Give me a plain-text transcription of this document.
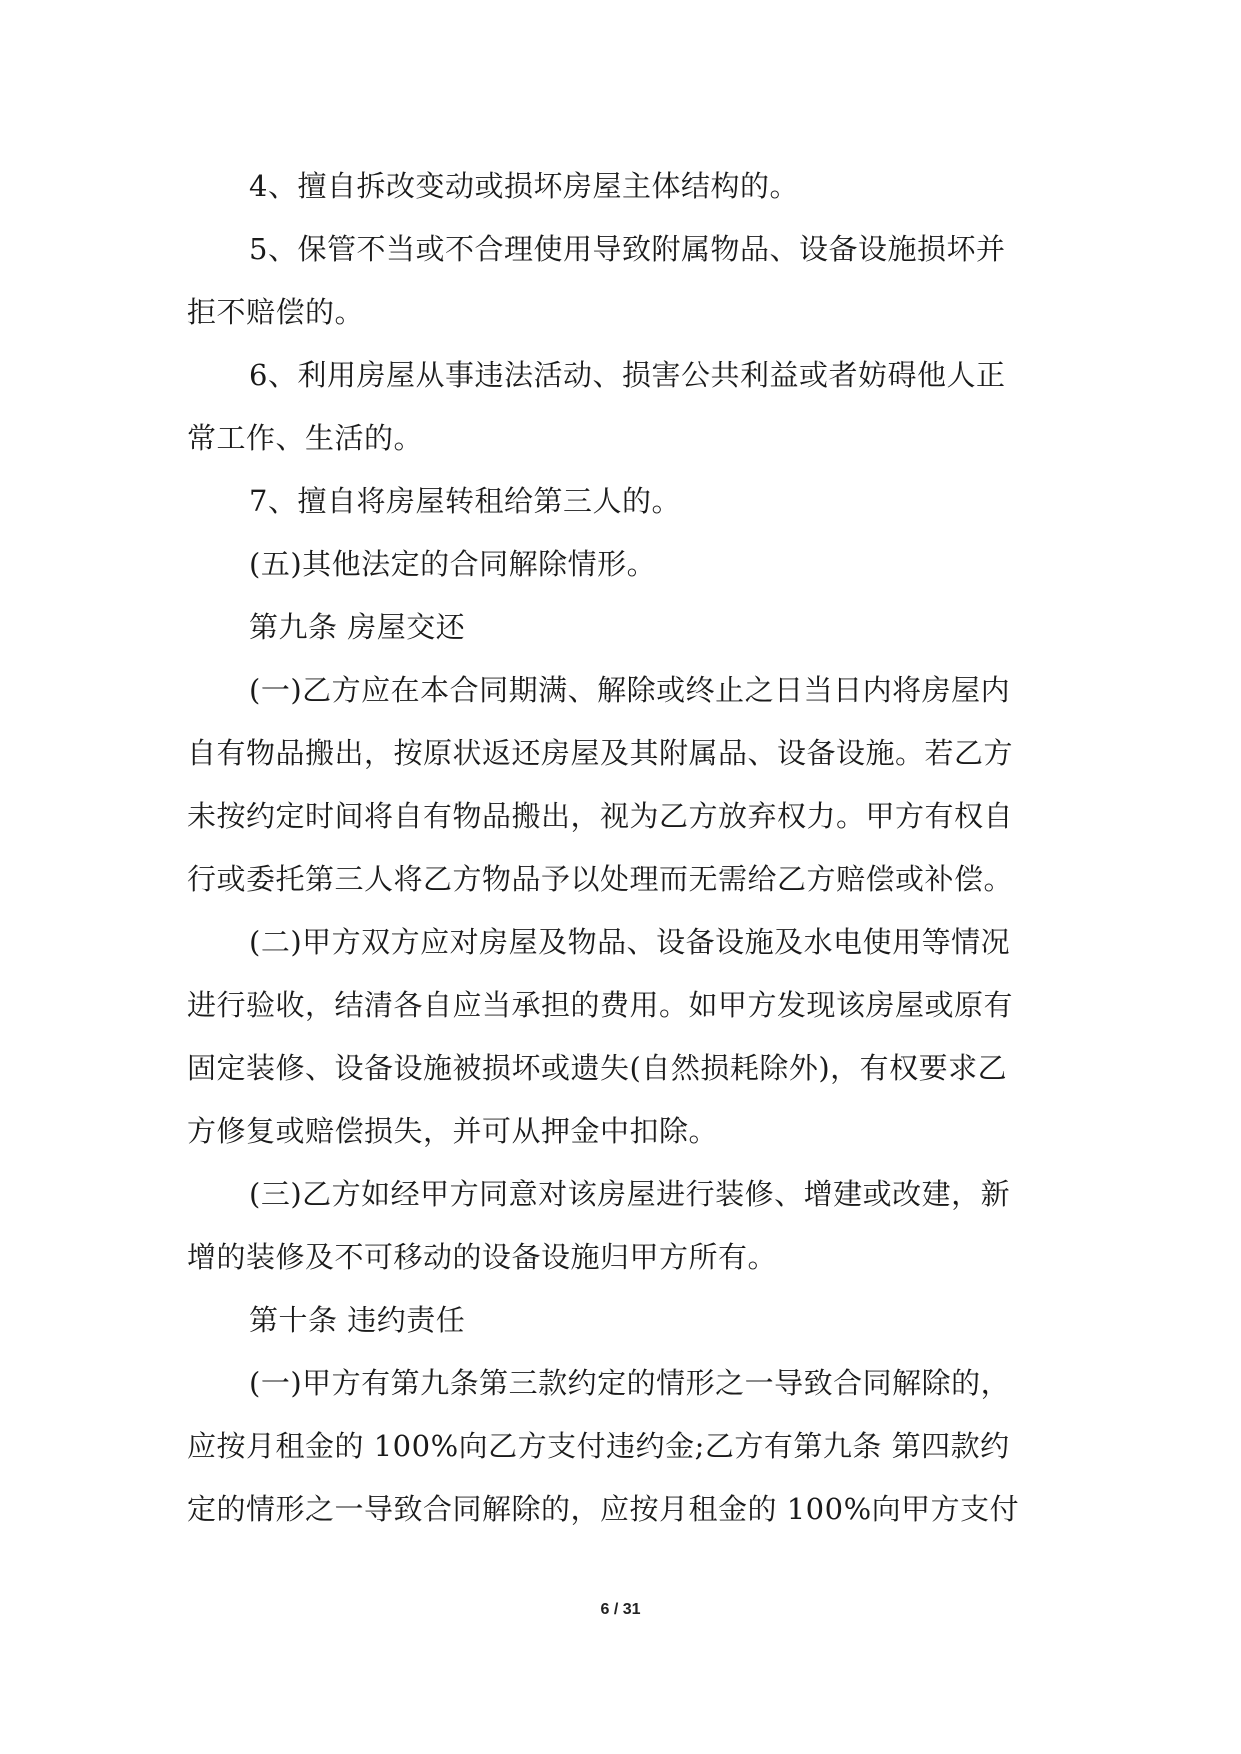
4、擅自拆改变动或损坏房屋主体结构的。
5、保管不当或不合理使用导致附属物品、设备设施损坏并
拒不赔偿的。
6、利用房屋从事违法活动、损害公共利益或者妨碍他人正
常工作、生活的。
7、擅自将房屋转租给第三人的。
(五)其他法定的合同解除情形。
第九条 房屋交还
(一)乙方应在本合同期满、解除或终止之日当日内将房屋内
自有物品搬出，按原状返还房屋及其附属品、设备设施。若乙方
未按约定时间将自有物品搬出，视为乙方放弃权力。甲方有权自
行或委托第三人将乙方物品予以处理而无需给乙方赔偿或补偿。
(二)甲方双方应对房屋及物品、设备设施及水电使用等情况
进行验收，结清各自应当承担的费用。如甲方发现该房屋或原有
固定装修、设备设施被损坏或遗失(自然损耗除外)，有权要求乙
方修复或赔偿损失，并可从押金中扣除。
(三)乙方如经甲方同意对该房屋进行装修、增建或改建，新
增的装修及不可移动的设备设施归甲方所有。
第十条 违约责任
(一)甲方有第九条第三款约定的情形之一导致合同解除的，
应按月租金的 100%向乙方支付违约金;乙方有第九条 第四款约
定的情形之一导致合同解除的，应按月租金的 100%向甲方支付
6 / 31
